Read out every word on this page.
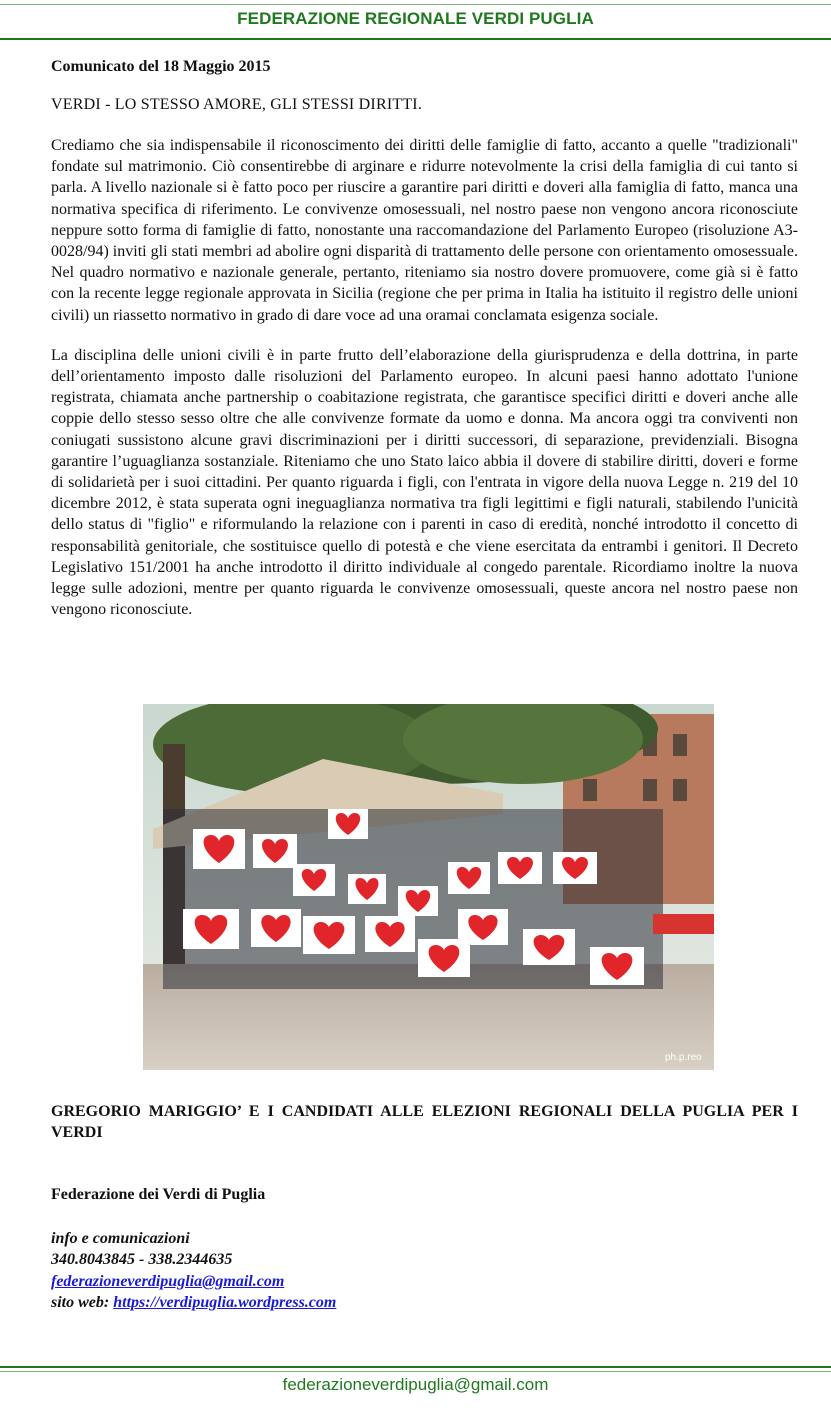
FEDERAZIONE REGIONALE VERDI PUGLIA

Comunicato del 18 Maggio 2015

VERDI - LO STESSO AMORE, GLI STESSI DIRITTI.

Crediamo che sia indispensabile il riconoscimento dei diritti delle famiglie di fatto, accanto a quelle "tradizionali" fondate sul matrimonio. Ciò consentirebbe di arginare e ridurre notevolmente la crisi della famiglia di cui tanto si parla. A livello nazionale si è fatto poco per riuscire a garantire pari diritti e doveri alla famiglia di fatto, manca una normativa specifica di riferimento. Le convivenze omosessuali, nel nostro paese non vengono ancora riconosciute neppure sotto forma di famiglie di fatto, nonostante una raccomandazione del Parlamento Europeo (risoluzione A3-0028/94) inviti gli stati membri ad abolire ogni disparità di trattamento delle persone con orientamento omosessuale. Nel quadro normativo e nazionale generale, pertanto, riteniamo sia nostro dovere promuovere, come già si è fatto con la recente legge regionale approvata in Sicilia (regione che per prima in Italia ha istituito il registro delle unioni civili) un riassetto normativo in grado di dare voce ad una oramai conclamata esigenza sociale.

La disciplina delle unioni civili è in parte frutto dell’elaborazione della giurisprudenza e della dottrina, in parte dell’orientamento imposto dalle risoluzioni del Parlamento europeo. In alcuni paesi hanno adottato l'unione registrata, chiamata anche partnership o coabitazione registrata, che garantisce specifici diritti e doveri anche alle coppie dello stesso sesso oltre che alle convivenze formate da uomo e donna. Ma ancora oggi tra conviventi non coniugati sussistono alcune gravi discriminazioni per i diritti successori, di separazione, previdenziali. Bisogna garantire l’uguaglianza sostanziale. Riteniamo che uno Stato laico abbia il dovere di stabilire diritti, doveri e forme di solidarietà per i suoi cittadini. Per quanto riguarda i figli, con l'entrata in vigore della nuova Legge n. 219 del 10 dicembre 2012, è stata superata ogni ineguaglianza normativa tra figli legittimi e figli naturali, stabilendo l'unicità dello status di "figlio" e riformulando la relazione con i parenti in caso di eredità, nonché introdotto il concetto di responsabilità genitoriale, che sostituisce quello di potestà e che viene esercitata da entrambi i genitori. Il Decreto Legislativo 151/2001 ha anche introdotto il diritto individuale al congedo parentale. Ricordiamo inoltre la nuova legge sulle adozioni, mentre per quanto riguarda le convivenze omosessuali, queste ancora nel nostro paese non vengono riconosciute.

ph.p.reo

GREGORIO MARIGGIO’ E I CANDIDATI ALLE ELEZIONI REGIONALI DELLA PUGLIA PER I VERDI

Federazione dei Verdi di Puglia

info e comunicazioni
340.8043845 - 338.2344635
federazioneverdipuglia@gmail.com
sito web: https://verdipuglia.wordpress.com
federazioneverdipuglia@gmail.com
